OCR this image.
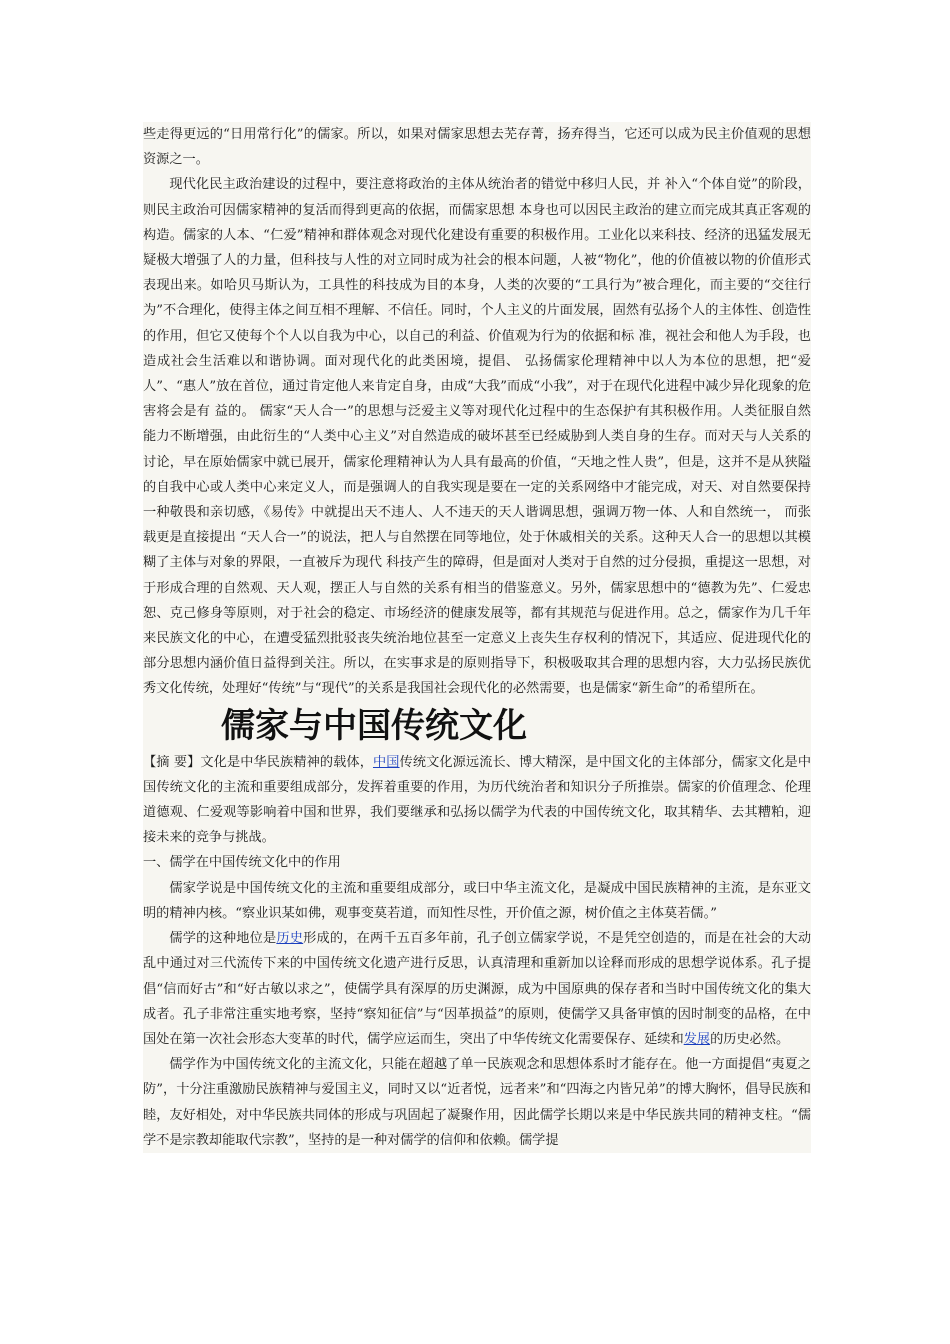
些走得更远的“日用常行化”的儒家。所以，如果对儒家思想去芜存菁，扬弃得当，它还可以成为民主价值观的思想资源之一。

现代化民主政治建设的过程中，要注意将政治的主体从统治者的错觉中移归人民，并 补入“个体自觉”的阶段，则民主政治可因儒家精神的复活而得到更高的依据，而儒家思想 本身也可以因民主政治的建立而完成其真正客观的构造。儒家的人本、“仁爱”精神和群体观念对现代化建设有重要的积极作用。工业化以来科技、经济的迅猛发展无疑极大增强了人的力量，但科技与人性的对立同时成为社会的根本问题，人被“物化”，他的价值被以物的价值形式表现出来。如哈贝马斯认为，工具性的科技成为目的本身，人类的次要的“工具行为”被合理化，而主要的“交往行为”不合理化，使得主体之间互相不理解、不信任。同时，个人主义的片面发展，固然有弘扬个人的主体性、创造性的作用，但它又使每个个人以自我为中心，以自己的利益、价值观为行为的依据和标 准，视社会和他人为手段，也造成社会生活难以和谐协调。面对现代化的此类困境，提倡、 弘扬儒家伦理精神中以人为本位的思想，把“爱人”、“惠人”放在首位，通过肯定他人来肯定自身，由成“大我”而成“小我”，对于在现代化进程中减少异化现象的危害将会是有 益的。 儒家“天人合一”的思想与泛爱主义等对现代化过程中的生态保护有其积极作用。人类征服自然能力不断增强，由此衍生的“人类中心主义”对自然造成的破坏甚至已经威胁到人类自身的生存。而对天与人关系的讨论，早在原始儒家中就已展开，儒家伦理精神认为人具有最高的价值，“天地之性人贵”，但是，这并不是从狭隘的自我中心或人类中心来定义人，而是强调人的自我实现是要在一定的关系网络中才能完成，对天、对自然要保持一种敬畏和亲切感，《易传》中就提出天不违人、人不违天的天人谐调思想，强调万物一体、人和自然统一， 而张载更是直接提出 “天人合一”的说法，把人与自然摆在同等地位，处于休戚相关的关系。这种天人合一的思想以其模糊了主体与对象的界限，一直被斥为现代 科技产生的障碍，但是面对人类对于自然的过分侵损，重提这一思想，对于形成合理的自然观、天人观，摆正人与自然的关系有相当的借鉴意义。另外，儒家思想中的“德教为先”、仁爱忠恕、克己修身等原则，对于社会的稳定、市场经济的健康发展等，都有其规范与促进作用。总之，儒家作为几千年来民族文化的中心，在遭受猛烈批驳丧失统治地位甚至一定意义上丧失生存权利的情况下，其适应、促进现代化的部分思想内涵价值日益得到关注。所以，在实事求是的原则指导下，积极吸取其合理的思想内容，大力弘扬民族优秀文化传统，处理好“传统”与“现代”的关系是我国社会现代化的必然需要，也是儒家“新生命”的希望所在。

儒家与中国传统文化

【摘 要】文化是中华民族精神的载体，中国传统文化源远流长、博大精深，是中国文化的主体部分，儒家文化是中国传统文化的主流和重要组成部分，发挥着重要的作用，为历代统治者和知识分子所推崇。儒家的价值理念、伦理道德观、仁爱观等影响着中国和世界，我们要继承和弘扬以儒学为代表的中国传统文化，取其精华、去其糟粕，迎接未来的竞争与挑战。

一、儒学在中国传统文化中的作用

儒家学说是中国传统文化的主流和重要组成部分，或曰中华主流文化，是凝成中国民族精神的主流，是东亚文明的精神内核。“察业识某如佛，观事变莫若道，而知性尽性，开价值之源，树价值之主体莫若儒。”

儒学的这种地位是历史形成的，在两千五百多年前，孔子创立儒家学说，不是凭空创造的，而是在社会的大动乱中通过对三代流传下来的中国传统文化遗产进行反思，认真清理和重新加以诠释而形成的思想学说体系。孔子提倡“信而好古”和“好古敏以求之”，使儒学具有深厚的历史渊源，成为中国原典的保存者和当时中国传统文化的集大成者。孔子非常注重实地考察，坚持“察知征信”与“因革损益”的原则，使儒学又具备审慎的因时制变的品格，在中国处在第一次社会形态大变革的时代，儒学应运而生，突出了中华传统文化需要保存、延续和发展的历史必然。

儒学作为中国传统文化的主流文化，只能在超越了单一民族观念和思想体系时才能存在。他一方面提倡“夷夏之防”，十分注重激励民族精神与爱国主义，同时又以“近者悦，远者来”和“四海之内皆兄弟”的博大胸怀，倡导民族和睦，友好相处，对中华民族共同体的形成与巩固起了凝聚作用，因此儒学长期以来是中华民族共同的精神支柱。“儒学不是宗教却能取代宗教”，坚持的是一种对儒学的信仰和依赖。儒学提
